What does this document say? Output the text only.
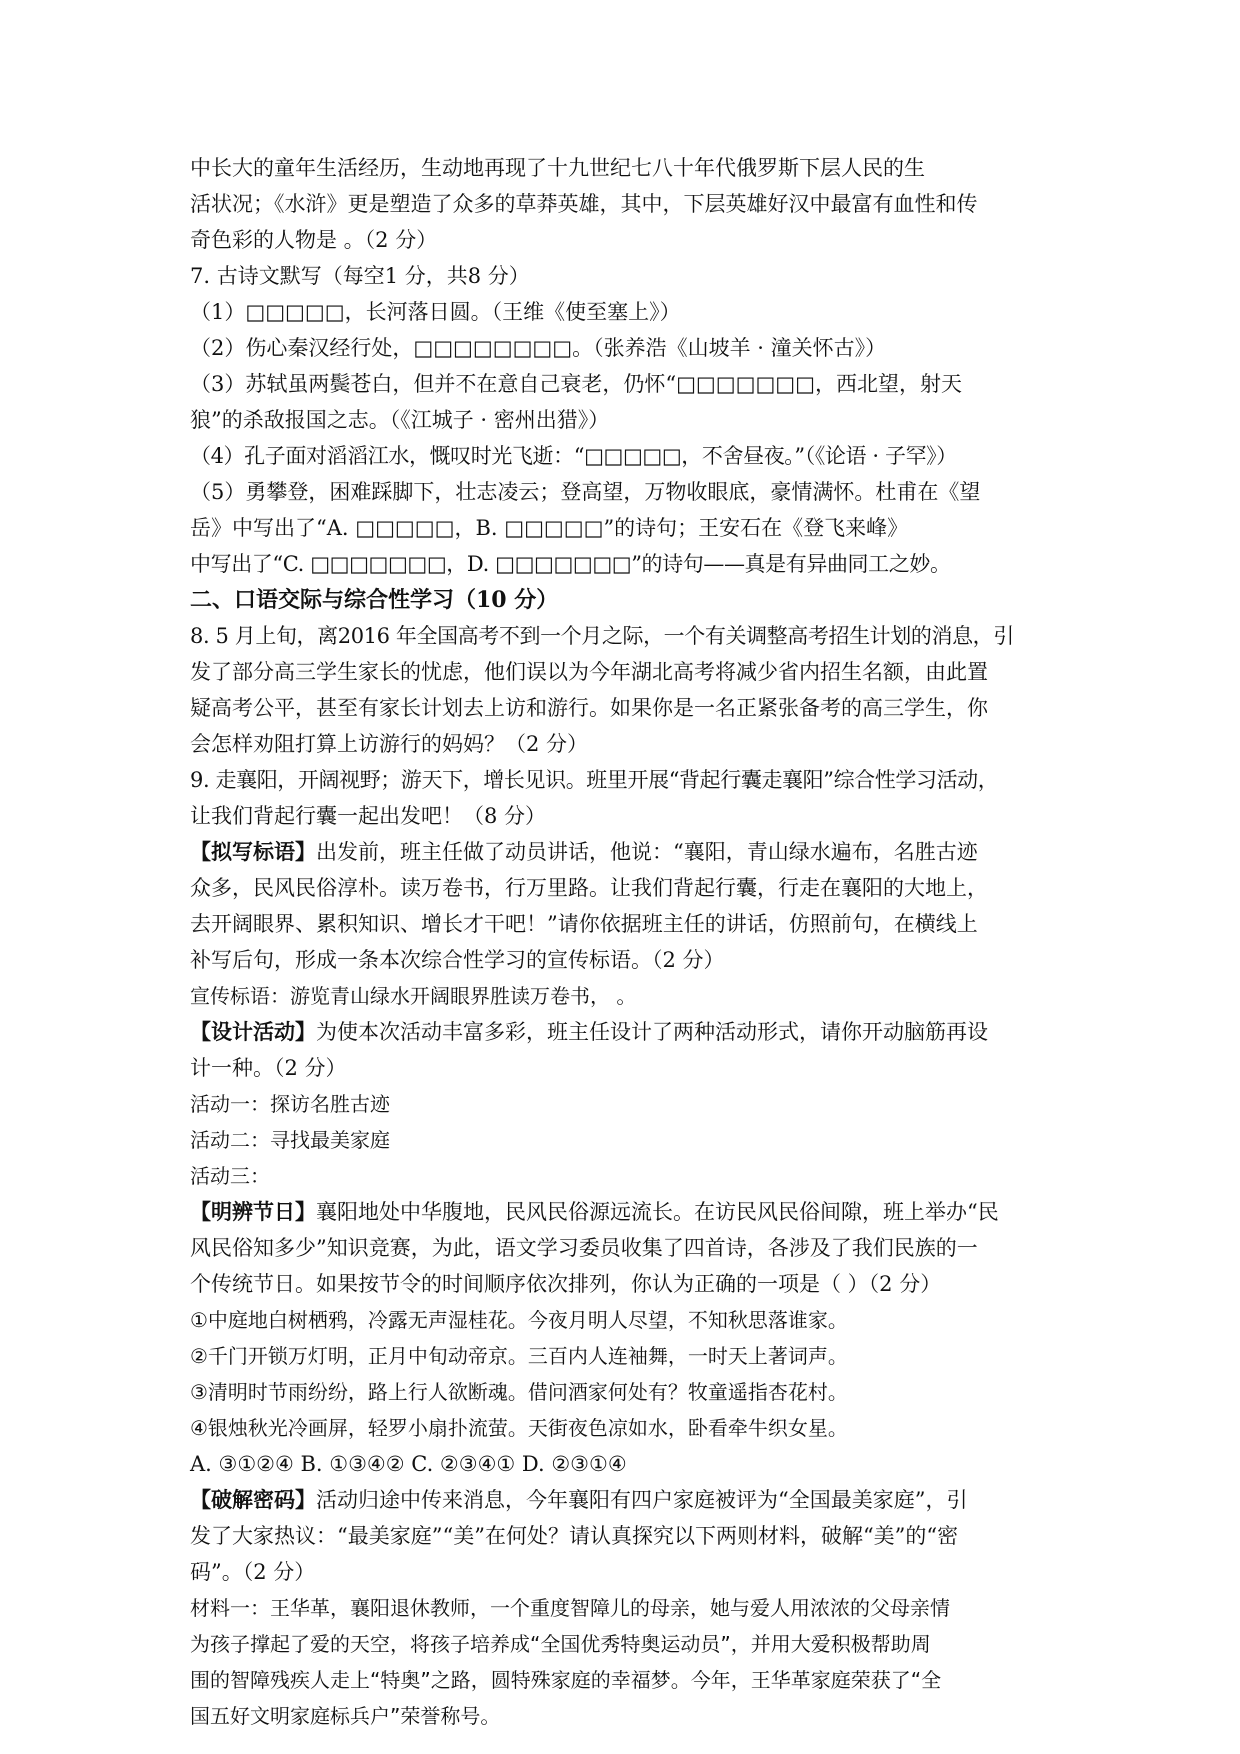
中长大的童年生活经历，生动地再现了十九世纪七八十年代俄罗斯下层人民的生
活状况；《水浒》更是塑造了众多的草莽英雄，其中，下层英雄好汉中最富有血性和传
奇色彩的人物是 。（2 分）
7. 古诗文默写（每空1 分，共8 分）
（1）□□□□□，长河落日圆。（王维《使至塞上》）
（2）伤心秦汉经行处，□□□□□□□□。（张养浩《山坡羊 · 潼关怀古》）
（3）苏轼虽两鬓苍白，但并不在意自己衰老，仍怀“□□□□□□□，西北望，射天
狼”的杀敌报国之志。（《江城子 · 密州出猎》）
（4）孔子面对滔滔江水，慨叹时光飞逝：“□□□□□，不舍昼夜。”（《论语 · 子罕》）
（5）勇攀登，困难踩脚下，壮志凌云；登高望，万物收眼底，豪情满怀。杜甫在《望
岳》中写出了“A. □□□□□，B. □□□□□”的诗句；王安石在《登飞来峰》
中写出了“C. □□□□□□□，D. □□□□□□□”的诗句——真是有异曲同工之妙。
二、口语交际与综合性学习（10 分）
8. 5 月上旬，离2016 年全国高考不到一个月之际，一个有关调整高考招生计划的消息，引
发了部分高三学生家长的忧虑，他们误以为今年湖北高考将减少省内招生名额，由此置
疑高考公平，甚至有家长计划去上访和游行。如果你是一名正紧张备考的高三学生，你
会怎样劝阻打算上访游行的妈妈？（2 分）
9. 走襄阳，开阔视野；游天下，增长见识。班里开展“背起行囊走襄阳”综合性学习活动，
让我们背起行囊一起出发吧！（8 分）
【拟写标语】出发前，班主任做了动员讲话，他说：“襄阳，青山绿水遍布，名胜古迹
众多，民风民俗淳朴。读万卷书，行万里路。让我们背起行囊，行走在襄阳的大地上，
去开阔眼界、累积知识、增长才干吧！”请你依据班主任的讲话，仿照前句，在横线上
补写后句，形成一条本次综合性学习的宣传标语。（2 分）
宣传标语：游览青山绿水开阔眼界胜读万卷书， 。
【设计活动】为使本次活动丰富多彩，班主任设计了两种活动形式，请你开动脑筋再设
计一种。（2 分）
活动一：探访名胜古迹
活动二：寻找最美家庭
活动三：
【明辨节日】襄阳地处中华腹地，民风民俗源远流长。在访民风民俗间隙，班上举办“民
风民俗知多少”知识竞赛，为此，语文学习委员收集了四首诗，各涉及了我们民族的一
个传统节日。如果按节令的时间顺序依次排列，你认为正确的一项是（ ）（2 分）
①中庭地白树栖鸦，冷露无声湿桂花。今夜月明人尽望，不知秋思落谁家。
②千门开锁万灯明，正月中旬动帝京。三百内人连袖舞，一时天上著词声。
③清明时节雨纷纷，路上行人欲断魂。借问酒家何处有？牧童遥指杏花村。
④银烛秋光冷画屏，轻罗小扇扑流萤。天街夜色凉如水，卧看牵牛织女星。
A. ③①②④ B. ①③④② C. ②③④① D. ②③①④
【破解密码】活动归途中传来消息，今年襄阳有四户家庭被评为“全国最美家庭”，引
发了大家热议：“最美家庭”“美”在何处？请认真探究以下两则材料，破解“美”的“密
码”。（2 分）
材料一：王华革，襄阳退休教师，一个重度智障儿的母亲，她与爱人用浓浓的父母亲情
为孩子撑起了爱的天空，将孩子培养成“全国优秀特奥运动员”，并用大爱积极帮助周
围的智障残疾人走上“特奥”之路，圆特殊家庭的幸福梦。今年，王华革家庭荣获了“全
国五好文明家庭标兵户”荣誉称号。
